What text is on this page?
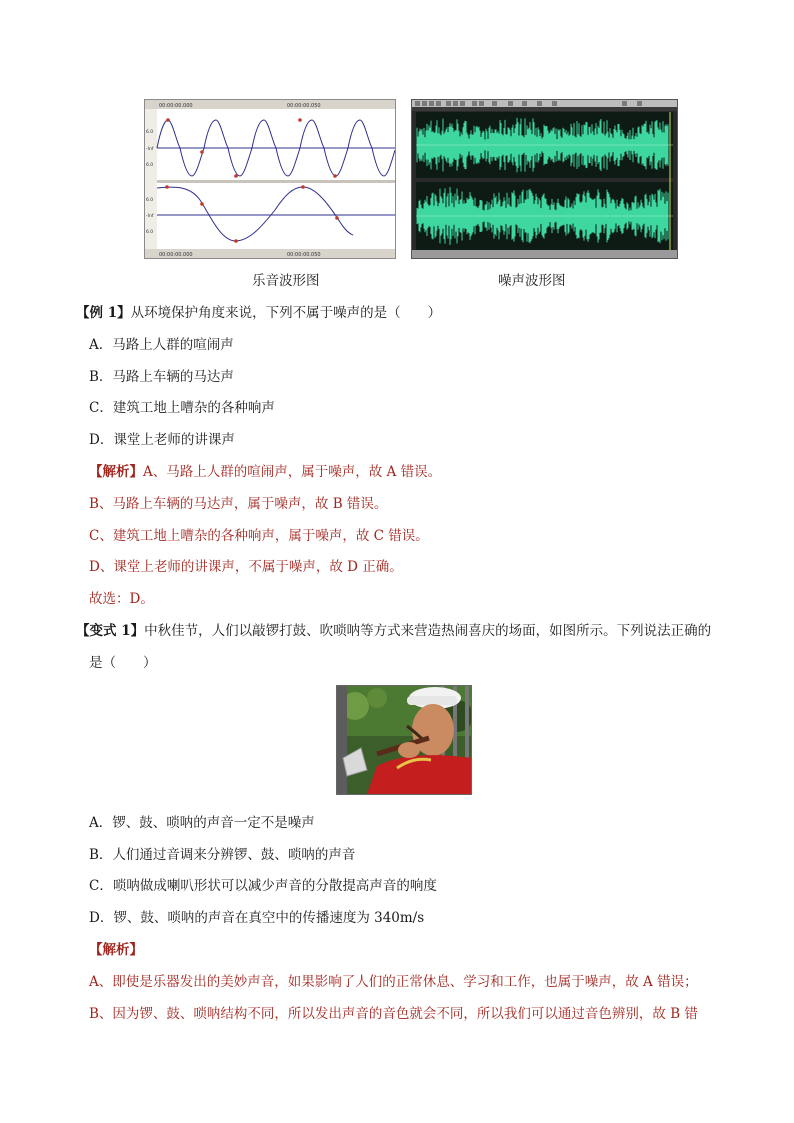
00:00:00.000	00:00:00.050
6.0
-Inf
6.0
6.0
-Inf
6.0
00:00:00.000	00:00:00.050
乐音波形图	噪声波形图
【例 1】从环境保护角度来说，下列不属于噪声的是（　　）
A．马路上人群的喧闹声
B．马路上车辆的马达声
C．建筑工地上嘈杂的各种响声
D．课堂上老师的讲课声
【解析】A、马路上人群的喧闹声，属于噪声，故 A 错误。
B、马路上车辆的马达声，属于噪声，故 B 错误。
C、建筑工地上嘈杂的各种响声，属于噪声，故 C 错误。
D、课堂上老师的讲课声，不属于噪声，故 D 正确。
故选：D。
【变式 1】中秋佳节，人们以敲锣打鼓、吹唢呐等方式来营造热闹喜庆的场面，如图所示。下列说法正确的
是（　　）
A．锣、鼓、唢呐的声音一定不是噪声
B．人们通过音调来分辨锣、鼓、唢呐的声音
C．唢呐做成喇叭形状可以减少声音的分散提高声音的响度
D．锣、鼓、唢呐的声音在真空中的传播速度为 340m/s
【解析】
A、即使是乐器发出的美妙声音，如果影响了人们的正常休息、学习和工作，也属于噪声，故 A 错误；
B、因为锣、鼓、唢呐结构不同，所以发出声音的音色就会不同，所以我们可以通过音色辨别，故 B 错
